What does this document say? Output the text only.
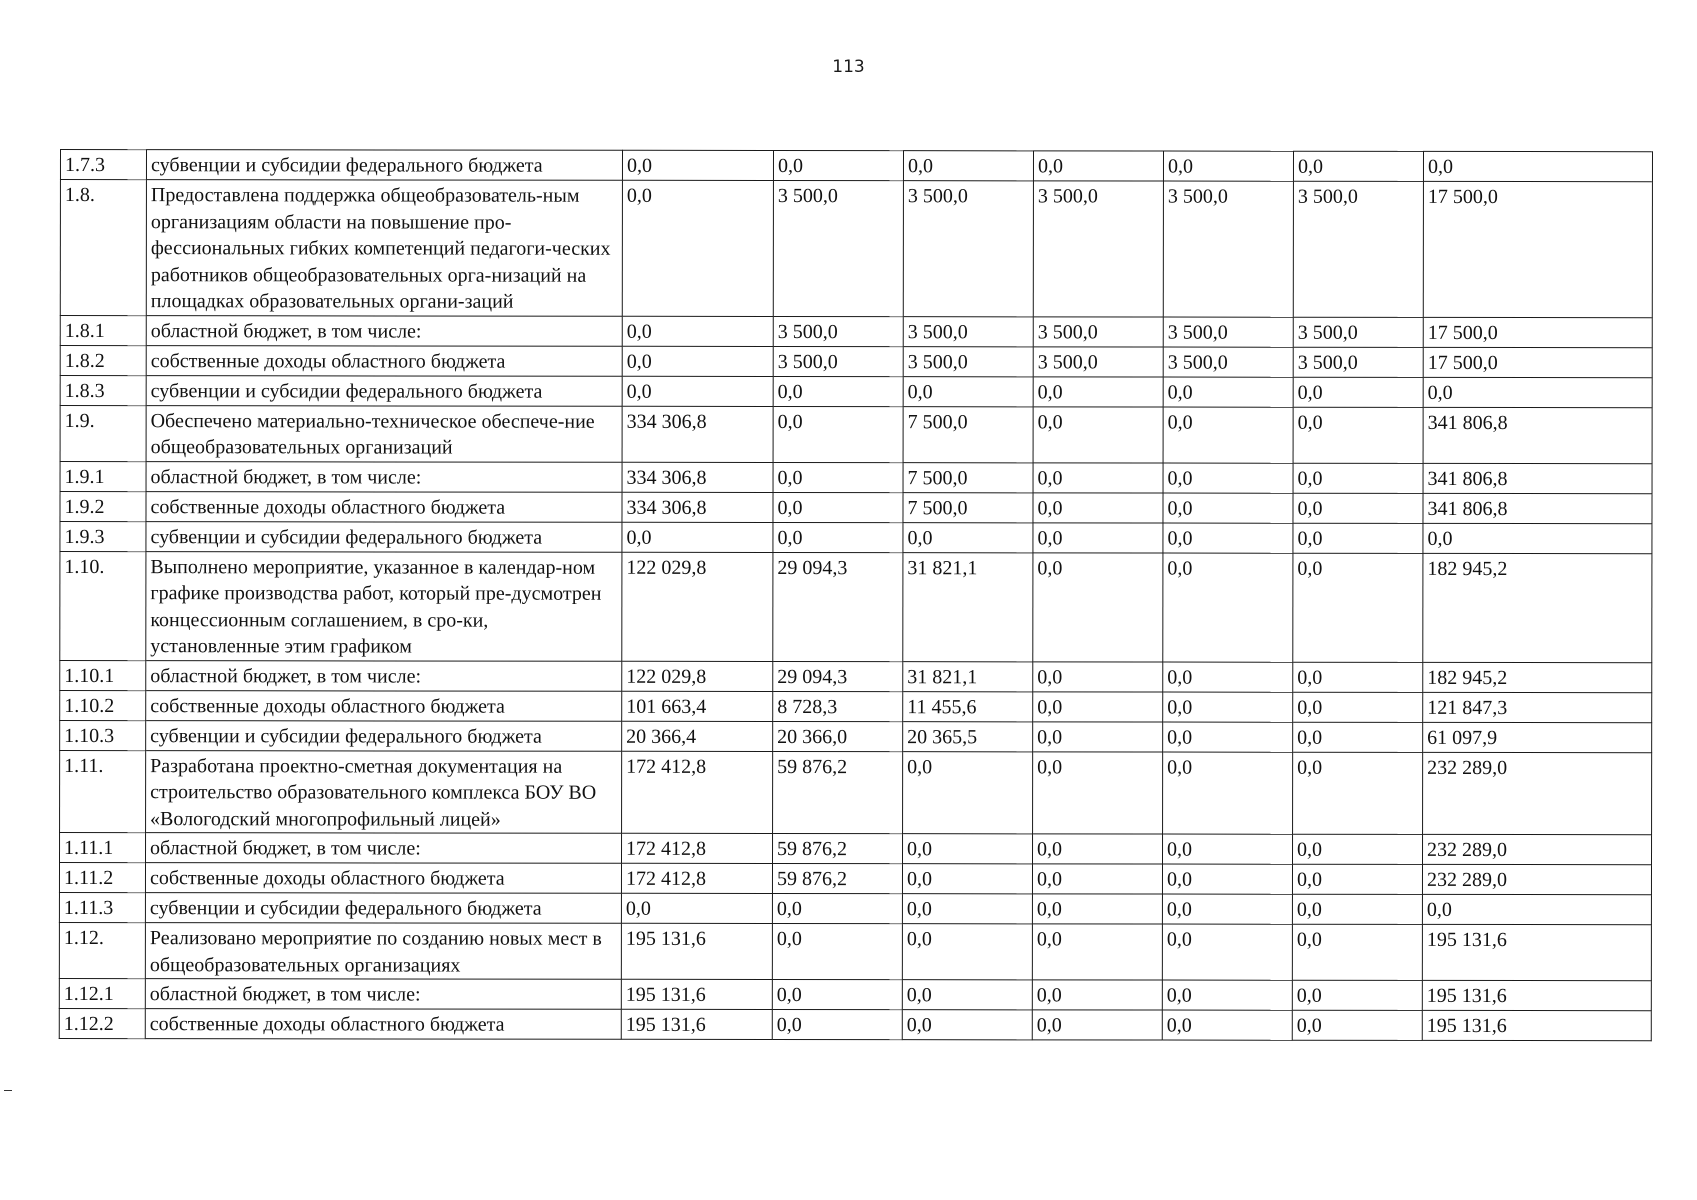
113
1.7.3	субвенции и субсидии федерального бюджета	0,0	0,0	0,0	0,0	0,0	0,0	0,0
1.8.	Предоставлена поддержка общеобразователь-ным организациям области на повышение про-фессиональных гибких компетенций педагоги-ческих работников общеобразовательных орга-низаций на площадках образовательных органи-заций	0,0	3 500,0	3 500,0	3 500,0	3 500,0	3 500,0	17 500,0
1.8.1	областной бюджет, в том числе:	0,0	3 500,0	3 500,0	3 500,0	3 500,0	3 500,0	17 500,0
1.8.2	собственные доходы областного бюджета	0,0	3 500,0	3 500,0	3 500,0	3 500,0	3 500,0	17 500,0
1.8.3	субвенции и субсидии федерального бюджета	0,0	0,0	0,0	0,0	0,0	0,0	0,0
1.9.	Обеспечено материально-техническое обеспече-ние общеобразовательных организаций	334 306,8	0,0	7 500,0	0,0	0,0	0,0	341 806,8
1.9.1	областной бюджет, в том числе:	334 306,8	0,0	7 500,0	0,0	0,0	0,0	341 806,8
1.9.2	собственные доходы областного бюджета	334 306,8	0,0	7 500,0	0,0	0,0	0,0	341 806,8
1.9.3	субвенции и субсидии федерального бюджета	0,0	0,0	0,0	0,0	0,0	0,0	0,0
1.10.	Выполнено мероприятие, указанное в календар-ном графике производства работ, который пре-дусмотрен концессионным соглашением, в сро-ки, установленные этим графиком	122 029,8	29 094,3	31 821,1	0,0	0,0	0,0	182 945,2
1.10.1	областной бюджет, в том числе:	122 029,8	29 094,3	31 821,1	0,0	0,0	0,0	182 945,2
1.10.2	собственные доходы областного бюджета	101 663,4	8 728,3	11 455,6	0,0	0,0	0,0	121 847,3
1.10.3	субвенции и субсидии федерального бюджета	20 366,4	20 366,0	20 365,5	0,0	0,0	0,0	61 097,9
1.11.	Разработана проектно-сметная документация на строительство образовательного комплекса БОУ ВО «Вологодский многопрофильный лицей»	172 412,8	59 876,2	0,0	0,0	0,0	0,0	232 289,0
1.11.1	областной бюджет, в том числе:	172 412,8	59 876,2	0,0	0,0	0,0	0,0	232 289,0
1.11.2	собственные доходы областного бюджета	172 412,8	59 876,2	0,0	0,0	0,0	0,0	232 289,0
1.11.3	субвенции и субсидии федерального бюджета	0,0	0,0	0,0	0,0	0,0	0,0	0,0
1.12.	Реализовано мероприятие по созданию новых мест в общеобразовательных организациях	195 131,6	0,0	0,0	0,0	0,0	0,0	195 131,6
1.12.1	областной бюджет, в том числе:	195 131,6	0,0	0,0	0,0	0,0	0,0	195 131,6
1.12.2	собственные доходы областного бюджета	195 131,6	0,0	0,0	0,0	0,0	0,0	195 131,6
